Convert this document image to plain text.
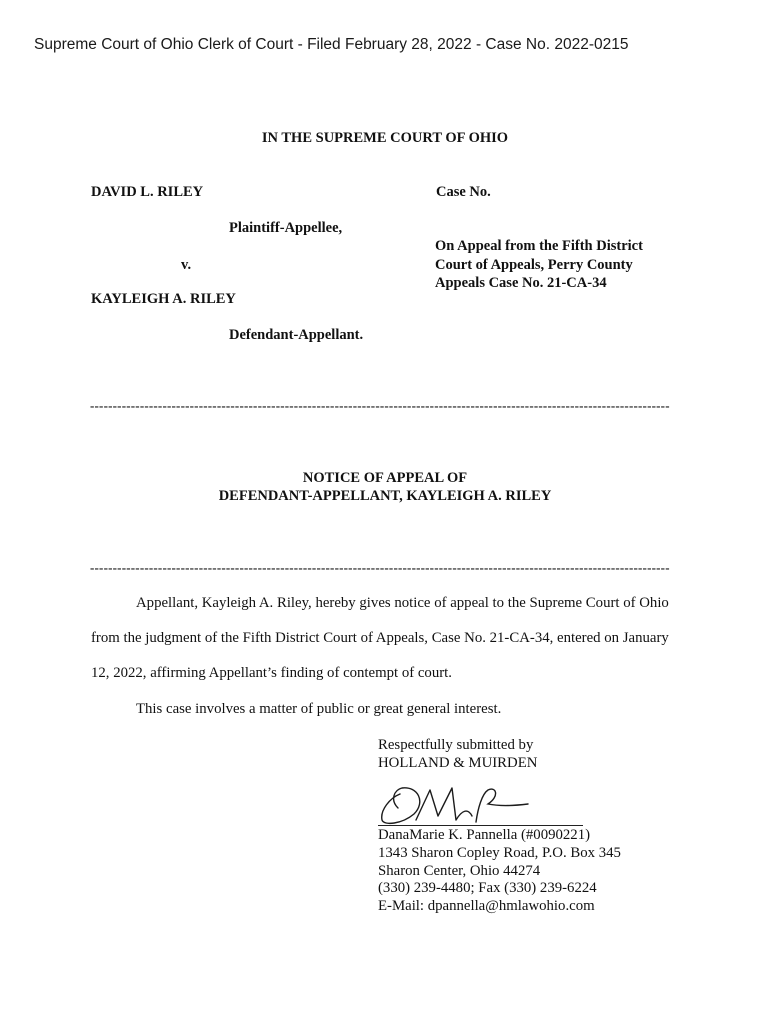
Supreme Court of Ohio Clerk of Court - Filed February 28, 2022 - Case No. 2022-0215
IN THE SUPREME COURT OF OHIO
DAVID L. RILEY	Case No.
Plaintiff-Appellee,
On Appeal from the Fifth District
v.	Court of Appeals, Perry County
Appeals Case No. 21-CA-34
KAYLEIGH A. RILEY
Defendant-Appellant.
--------------------------------------------------------------------------------------------------------------------------------
NOTICE OF APPEAL OF
DEFENDANT-APPELLANT, KAYLEIGH A. RILEY
--------------------------------------------------------------------------------------------------------------------------------
Appellant, Kayleigh A. Riley, hereby gives notice of appeal to the Supreme Court of Ohio
from the judgment of the Fifth District Court of Appeals, Case No. 21-CA-34, entered on January
12, 2022, affirming Appellant’s finding of contempt of court.
This case involves a matter of public or great general interest.
Respectfully submitted by
HOLLAND & MUIRDEN
DanaMarie K. Pannella (#0090221)
1343 Sharon Copley Road, P.O. Box 345
Sharon Center, Ohio 44274
(330) 239-4480; Fax (330) 239-6224
E-Mail: dpannella@hmlawohio.com
